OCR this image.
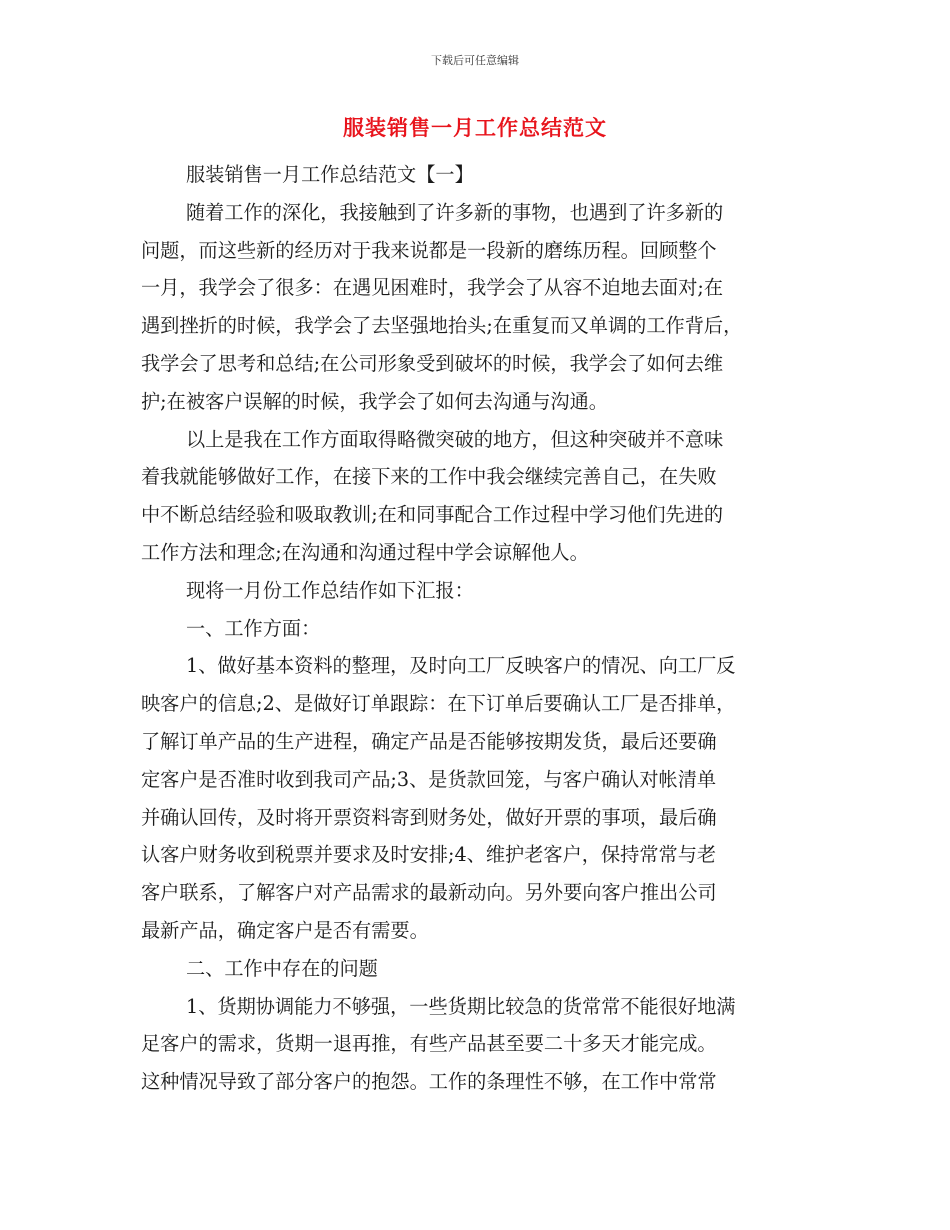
下载后可任意编辑
服装销售一月工作总结范文
服装销售一月工作总结范文【一】
随着工作的深化，我接触到了许多新的事物，也遇到了许多新的
问题，而这些新的经历对于我来说都是一段新的磨练历程。回顾整个
一月，我学会了很多：在遇见困难时，我学会了从容不迫地去面对;在
遇到挫折的时候，我学会了去坚强地抬头;在重复而又单调的工作背后，
我学会了思考和总结;在公司形象受到破坏的时候，我学会了如何去维
护;在被客户误解的时候，我学会了如何去沟通与沟通。
以上是我在工作方面取得略微突破的地方，但这种突破并不意味
着我就能够做好工作，在接下来的工作中我会继续完善自己，在失败
中不断总结经验和吸取教训;在和同事配合工作过程中学习他们先进的
工作方法和理念;在沟通和沟通过程中学会谅解他人。
现将一月份工作总结作如下汇报：
一、工作方面：
1、做好基本资料的整理，及时向工厂反映客户的情况、向工厂反
映客户的信息;2、是做好订单跟踪：在下订单后要确认工厂是否排单，
了解订单产品的生产进程，确定产品是否能够按期发货，最后还要确
定客户是否准时收到我司产品;3、是货款回笼，与客户确认对帐清单
并确认回传，及时将开票资料寄到财务处，做好开票的事项，最后确
认客户财务收到税票并要求及时安排;4、维护老客户，保持常常与老
客户联系，了解客户对产品需求的最新动向。另外要向客户推出公司
最新产品，确定客户是否有需要。
二、工作中存在的问题
1、货期协调能力不够强，一些货期比较急的货常常不能很好地满
足客户的需求，货期一退再推，有些产品甚至要二十多天才能完成。
这种情况导致了部分客户的抱怨。工作的条理性不够，在工作中常常
